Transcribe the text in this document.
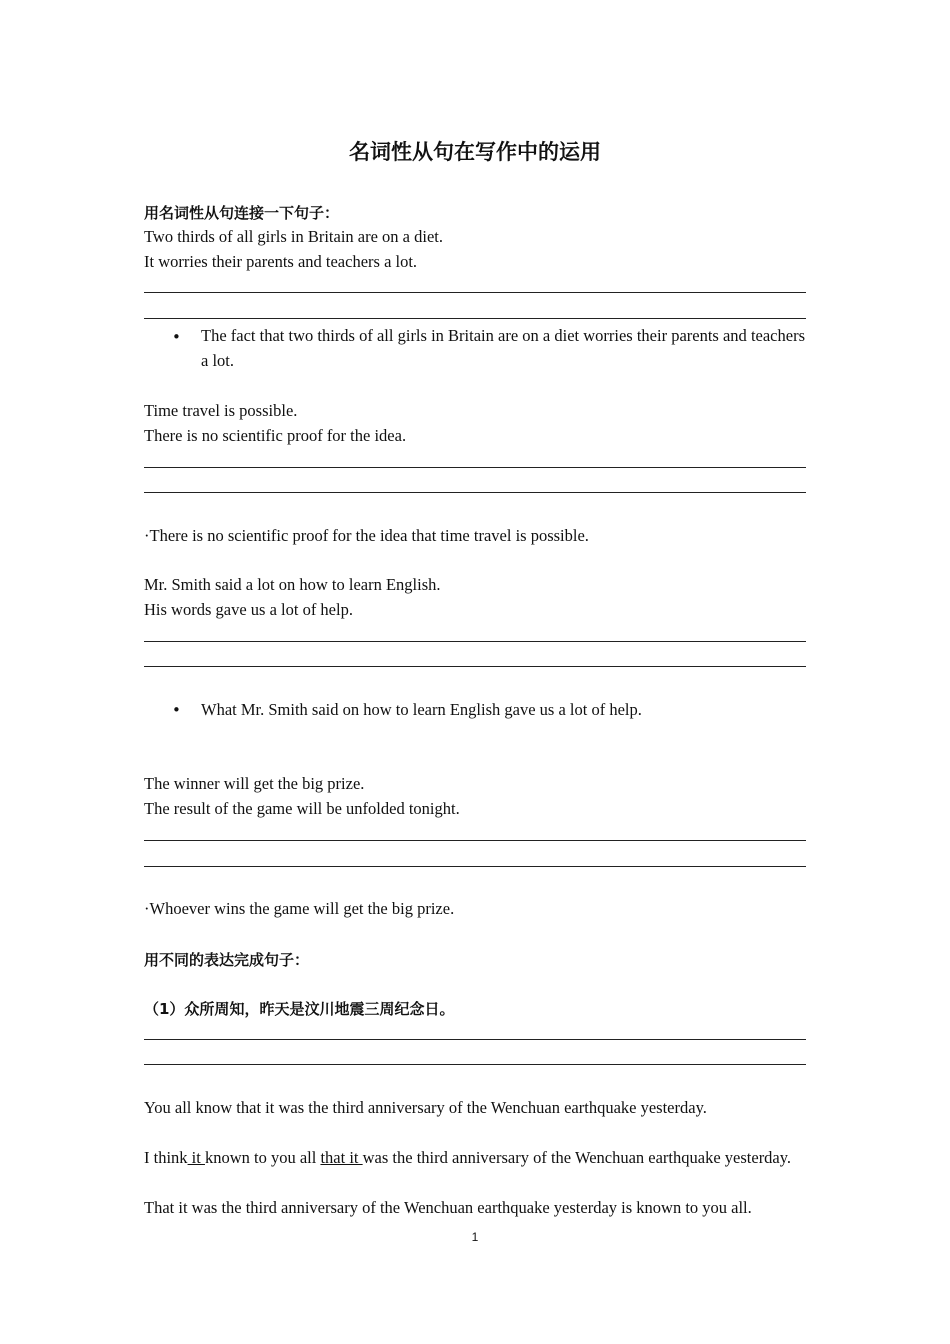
名词性从句在写作中的运用
用名词性从句连接一下句子：
Two thirds of all girls in Britain are on a diet.
It worries their parents and teachers a lot.
• The fact that two thirds of all girls in Britain are on a diet worries their parents and teachers a lot.
Time travel is possible.
There is no scientific proof for the idea.
·There is no scientific proof for the idea that time travel is possible.
Mr. Smith said a lot on how to learn English.
His words gave us a lot of help.
• What Mr. Smith said on how to learn English gave us a lot of help.
The winner will get the big prize.
The result of the game will be unfolded tonight.
·Whoever wins the game will get the big prize.
用不同的表达完成句子：
（1）众所周知，昨天是汶川地震三周纪念日。
You all know that it was the third anniversary of the Wenchuan earthquake yesterday.
I think it known to you all that it was the third anniversary of the Wenchuan earthquake yesterday.
That it was the third anniversary of the Wenchuan earthquake yesterday is known to you all.
1
